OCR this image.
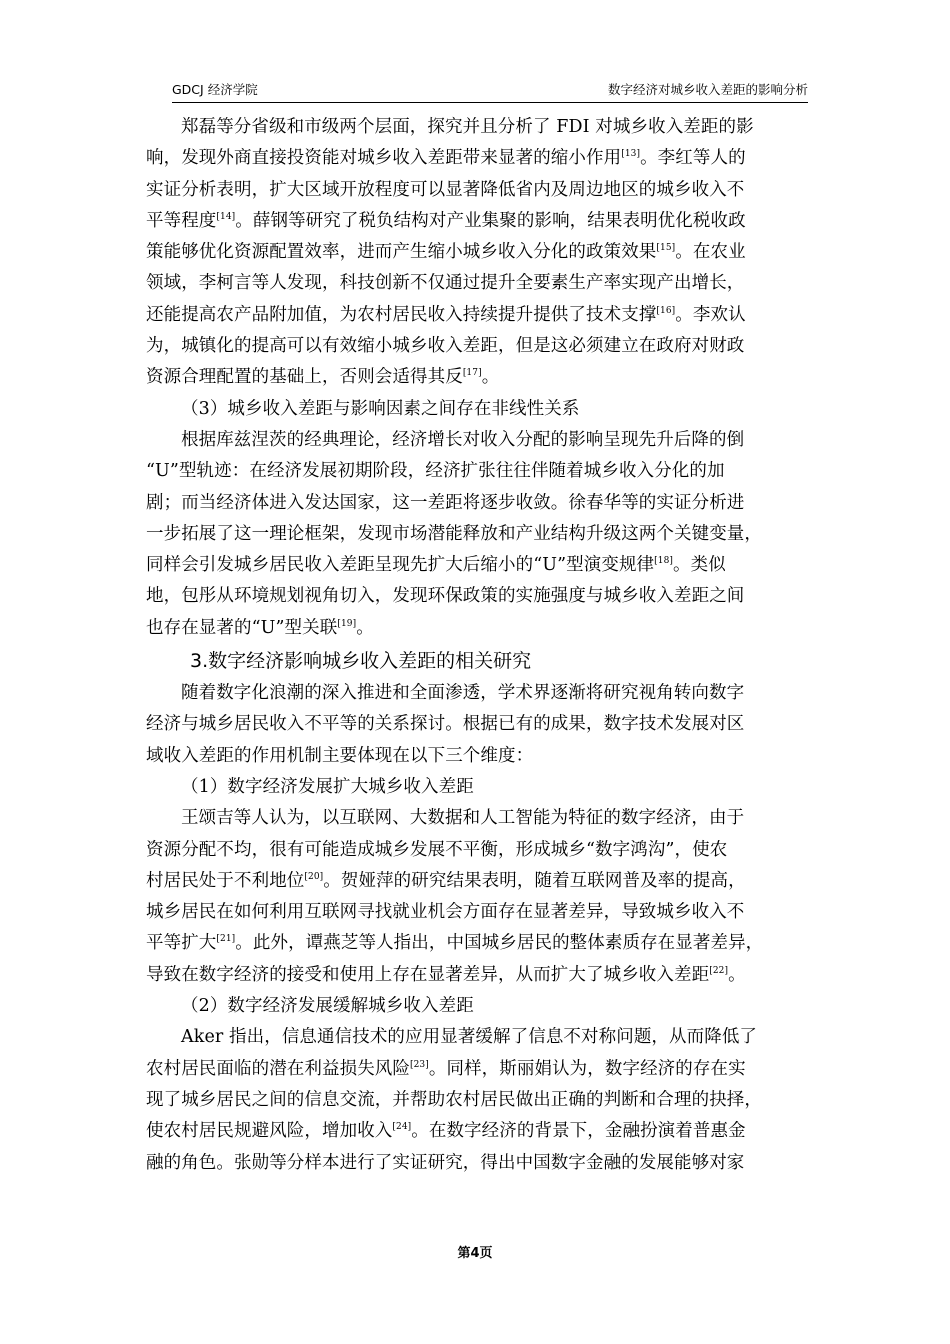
GDCJ 经济学院	数字经济对城乡收入差距的影响分析
郑磊等分省级和市级两个层面，探究并且分析了 FDI 对城乡收入差距的影
响，发现外商直接投资能对城乡收入差距带来显著的缩小作用[13]。李红等人的
实证分析表明，扩大区域开放程度可以显著降低省内及周边地区的城乡收入不
平等程度[14]。薛钢等研究了税负结构对产业集聚的影响，结果表明优化税收政
策能够优化资源配置效率，进而产生缩小城乡收入分化的政策效果[15]。在农业
领域，李柯言等人发现，科技创新不仅通过提升全要素生产率实现产出增长，
还能提高农产品附加值，为农村居民收入持续提升提供了技术支撑[16]。李欢认
为，城镇化的提高可以有效缩小城乡收入差距，但是这必须建立在政府对财政
资源合理配置的基础上，否则会适得其反[17]。
（3）城乡收入差距与影响因素之间存在非线性关系
根据库兹涅茨的经典理论，经济增长对收入分配的影响呈现先升后降的倒
“U”型轨迹：在经济发展初期阶段，经济扩张往往伴随着城乡收入分化的加
剧；而当经济体进入发达国家，这一差距将逐步收敛。徐春华等的实证分析进
一步拓展了这一理论框架，发现市场潜能释放和产业结构升级这两个关键变量，
同样会引发城乡居民收入差距呈现先扩大后缩小的“U”型演变规律[18]。类似
地，包彤从环境规划视角切入，发现环保政策的实施强度与城乡收入差距之间
也存在显著的“U”型关联[19]。
3.数字经济影响城乡收入差距的相关研究
随着数字化浪潮的深入推进和全面渗透，学术界逐渐将研究视角转向数字
经济与城乡居民收入不平等的关系探讨。根据已有的成果，数字技术发展对区
域收入差距的作用机制主要体现在以下三个维度：
（1）数字经济发展扩大城乡收入差距
王颂吉等人认为，以互联网、大数据和人工智能为特征的数字经济，由于
资源分配不均，很有可能造成城乡发展不平衡，形成城乡“数字鸿沟”，使农
村居民处于不利地位[20]。贺娅萍的研究结果表明，随着互联网普及率的提高，
城乡居民在如何利用互联网寻找就业机会方面存在显著差异，导致城乡收入不
平等扩大[21]。此外，谭燕芝等人指出，中国城乡居民的整体素质存在显著差异，
导致在数字经济的接受和使用上存在显著差异，从而扩大了城乡收入差距[22]。
（2）数字经济发展缓解城乡收入差距
Aker 指出，信息通信技术的应用显著缓解了信息不对称问题，从而降低了
农村居民面临的潜在利益损失风险[23]。同样，斯丽娟认为，数字经济的存在实
现了城乡居民之间的信息交流，并帮助农村居民做出正确的判断和合理的抉择，
使农村居民规避风险，增加收入[24]。在数字经济的背景下，金融扮演着普惠金
融的角色。张勋等分样本进行了实证研究，得出中国数字金融的发展能够对家
第4页
